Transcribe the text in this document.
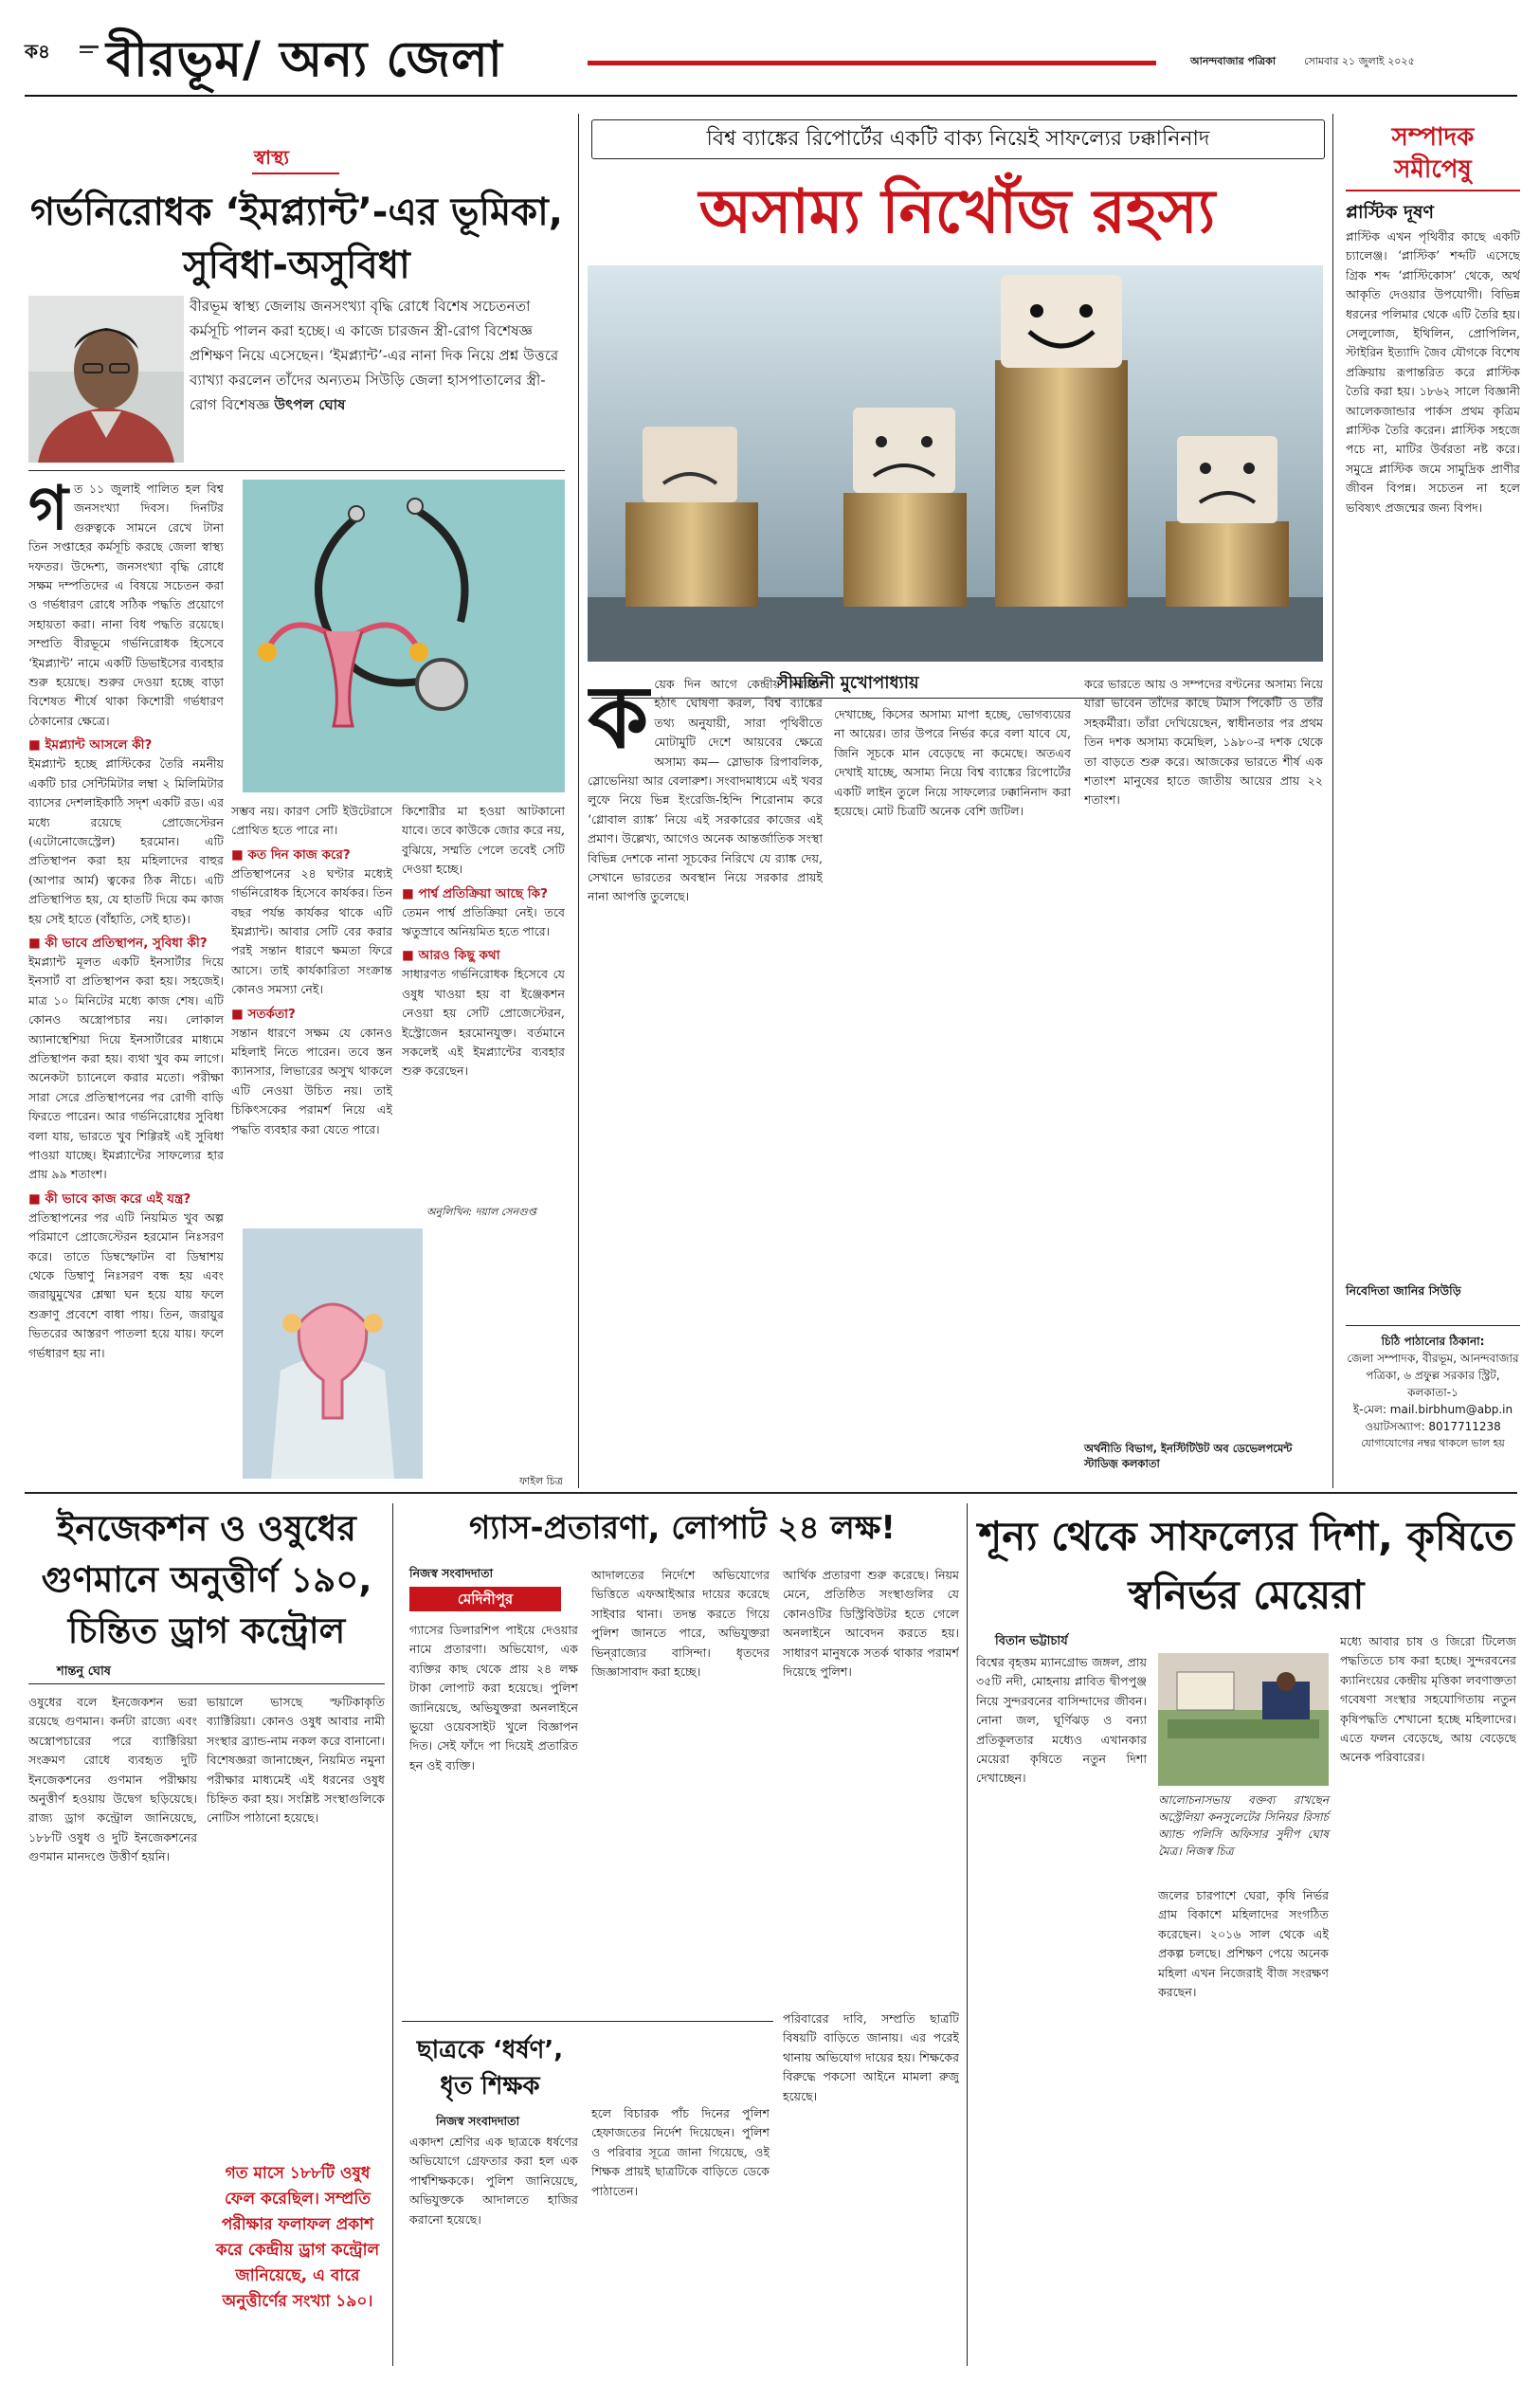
ক৪ বীরভূম/ অন্য জেলা	আনন্দবাজার পত্রিকা	সোমবার ২১ জুলাই ২০২৫
স্বাস্থ্য
গর্ভনিরোধক ‘ইমপ্ল্যান্ট’-এর ভূমিকা, সুবিধা-অসুবিধা
বীরভূম স্বাস্থ্য জেলায় জনসংখ্যা বৃদ্ধি রোধে বিশেষ সচেতনতা কর্মসূচি পালন করা হচ্ছে। এ কাজে চারজন স্ত্রী-রোগ বিশেষজ্ঞ প্রশিক্ষণ নিয়ে এসেছেন। ‘ইমপ্ল্যান্ট’-এর নানা দিক নিয়ে প্রশ্ন উত্তরে ব্যাখ্যা করলেন তাঁদের অন্যতম সিউড়ি জেলা হাসপাতালের স্ত্রী-রোগ বিশেষজ্ঞ উৎপল ঘোষ
ফাইল চিত্র
গ ত ১১ জুলাই পালিত হল বিশ্ব জনসংখ্যা দিবস। দিনটির গুরুত্বকে সামনে রেখে টানা তিন সপ্তাহের কর্মসূচি করছে জেলা স্বাস্থ্য দফতর। উদ্দেশ্য, জনসংখ্যা বৃদ্ধি রোধে সক্ষম দম্পতিদের এ বিষয়ে সচেতন করা ও গর্ভধারণ রোধে সঠিক পদ্ধতি প্রয়োগে সহায়তা করা। নানা বিধ পদ্ধতি রয়েছে। সম্প্রতি বীরভূমে গর্ভনিরোধক হিসেবে ‘ইমপ্ল্যান্ট’ নামে একটি ডিভাইসের ব্যবহার শুরু হয়েছে। শুরুর দেওয়া হচ্ছে বাড়া বিশেষত শীর্ষে থাকা কিশোরী গর্ভধারণ ঠেকানোর ক্ষেত্রে।

■ ইমপ্ল্যান্ট আসলে কী?

ইমপ্ল্যান্ট হচ্ছে প্লাস্টিকের তৈরি নমনীয় একটি চার সেন্টিমিটার লম্বা ২ মিলিমিটার ব্যাসের দেশলাইকাঠি সদৃশ একটি রড। এর মধ্যে রয়েছে প্রোজেস্টেরন (এটোনোজেস্ট্রেল) হরমোন। এটি প্রতিস্থাপন করা হয় মহিলাদের বাহুর (আপার আর্ম) ত্বকের ঠিক নীচে। এটি প্রতিস্থাপিত হয়, যে হাতটি দিয়ে কম কাজ হয় সেই হাতে (বাঁহাতি, সেই হাত)।

■ কী ভাবে প্রতিস্থাপন, সুবিধা কী?

ইমপ্ল্যান্ট মূলত একটি ইনসার্টার দিয়ে ইনসার্ট বা প্রতিস্থাপন করা হয়। সহজেই। মাত্র ১০ মিনিটের মধ্যে কাজ শেষ। এটি কোনও অস্ত্রোপচার নয়। লোকাল অ্যানাস্থেশিয়া দিয়ে ইনসার্টারের মাধ্যমে প্রতিস্থাপন করা হয়। ব্যথা খুব কম লাগে। অনেকটা চ্যানেলে করার মতো। পরীক্ষা সারা সেরে প্রতিস্থাপনের পর রোগী বাড়ি ফিরতে পারেন। আর গর্ভনিরোধের সুবিধা বলা যায়, ভারতে খুব শিগ্গিরই এই সুবিধা পাওয়া যাচ্ছে। ইমপ্ল্যান্টের সাফল্যের হার প্রায় ৯৯ শতাংশ।

■ কী ভাবে কাজ করে এই যন্ত্র?

প্রতিস্থাপনের পর এটি নিয়মিত খুব অল্প পরিমাণে প্রোজেস্টেরন হরমোন নিঃসরণ করে। তাতে ডিম্বস্ফোটন বা ডিম্বাশয় থেকে ডিম্বাণু নিঃসরণ বন্ধ হয় এবং জরায়ুমুখের শ্লেষ্মা ঘন হয়ে যায় ফলে শুক্রাণু প্রবেশে বাধা পায়। তিন, জরায়ুর ভিতরের আস্তরণ পাতলা হয়ে যায়। ফলে গর্ভধারণ হয় না।

সম্ভব নয়। কারণ সেটি ইউটেরাসে প্রোথিত হতে পারে না।

■ কত দিন কাজ করে?

প্রতিস্থাপনের ২৪ ঘণ্টার মধ্যেই গর্ভনিরোধক হিসেবে কার্যকর। তিন বছর পর্যন্ত কার্যকর থাকে এটি ইমপ্ল্যান্ট। আবার সেটি বের করার পরই সন্তান ধারণে ক্ষমতা ফিরে আসে। তাই কার্যকারিতা সংক্রান্ত কোনও সমস্যা নেই।

■ সতর্কতা?

সন্তান ধারণে সক্ষম যে কোনও মহিলাই নিতে পারেন। তবে স্তন ক্যানসার, লিভারের অসুখ থাকলে এটি নেওয়া উচিত নয়। তাই চিকিৎসকের পরামর্শ নিয়ে এই পদ্ধতি ব্যবহার করা যেতে পারে।

কিশোরীর মা হওয়া আটকানো যাবে। তবে কাউকে জোর করে নয়, বুঝিয়ে, সম্মতি পেলে তবেই সেটি দেওয়া হচ্ছে।

■ পার্শ্ব প্রতিক্রিয়া আছে কি?

তেমন পার্শ্ব প্রতিক্রিয়া নেই। তবে ঋতুস্রাবে অনিয়মিত হতে পারে।

■ আরও কিছু কথা

সাধারণত গর্ভনিরোধক হিসেবে যে ওষুধ খাওয়া হয় বা ইঞ্জেকশন নেওয়া হয় সেটি প্রোজেস্টেরন, ইস্ট্রোজেন হরমোনযুক্ত। বর্তমানে সকলেই এই ইমপ্ল্যান্টের ব্যবহার শুরু করেছেন।

অনুলিখিন: দয়াল সেনগুপ্ত
বিশ্ব ব্যাঙ্কের রিপোর্টের একটি বাক্য নিয়েই সাফল্যের ঢক্কানিনাদ
অসাম্য নিখোঁজ রহস্য
সীমন্তিনী মুখোপাধ্যায়
ক য়েক দিন আগে কেন্দ্রীয় সরকার হঠাৎ ঘোষণা করল, বিশ্ব ব্যাঙ্কের তথ্য অনুযায়ী, সারা পৃথিবীতে মোটামুটি দেশে আয়বের ক্ষেত্রে অসাম্য কম— স্লোভাক রিপাবলিক, স্লোভেনিয়া আর বেলারুশ। সংবাদমাধ্যমে এই খবর লুফে নিয়ে ভিন্ন ইংরেজি-হিন্দি শিরোনাম করে ‘গ্লোবাল র‍্যাঙ্ক’ নিয়ে এই সরকারের কাজের এই প্রমাণ। উল্লেখ্য, আগেও অনেক আন্তর্জাতিক সংস্থা বিভিন্ন দেশকে নানা সূচকের নিরিখে যে র‍্যাঙ্ক দেয়, সেখানে ভারতের অবস্থান নিয়ে সরকার প্রায়ই নানা আপত্তি তুলেছে।

দেখাচ্ছে, কিসের অসাম্য মাপা হচ্ছে, ভোগব্যয়ের না আয়ের। তার উপরে নির্ভর করে বলা যাবে যে, জিনি সূচকে মান বেড়েছে না কমেছে। অতএব দেখাই যাচ্ছে, অসাম্য নিয়ে বিশ্ব ব্যাঙ্কের রিপোর্টের একটি লাইন তুলে নিয়ে সাফল্যের ঢক্কানিনাদ করা হয়েছে। মোট চিত্রটি অনেক বেশি জটিল।

করে ভারতে আয় ও সম্পদের বণ্টনের অসাম্য নিয়ে যারা ভাবেন তাঁদের কাছে টমাস পিকেটি ও তাঁর সহকর্মীরা। তাঁরা দেখিয়েছেন, স্বাধীনতার পর প্রথম তিন দশক অসাম্য কমেছিল, ১৯৮০-র দশক থেকে তা বাড়তে শুরু করে। আজকের ভারতে শীর্ষ এক শতাংশ মানুষের হাতে জাতীয় আয়ের প্রায় ২২ শতাংশ।

অর্থনীতি বিভাগ, ইনস্টিটিউট অব ডেভেলপমেন্ট স্টাডিজ় কলকাতা
সম্পাদক
সমীপেষু
প্লাস্টিক দূষণ

প্লাস্টিক এখন পৃথিবীর কাছে একটি চ্যালেঞ্জ। ‘প্লাস্টিক’ শব্দটি এসেছে গ্রিক শব্দ ‘প্লাস্টিকোস’ থেকে, অর্থ আকৃতি দেওয়ার উপযোগী। বিভিন্ন ধরনের পলিমার থেকে এটি তৈরি হয়। সেলুলোজ, ইথিলিন, প্রোপিলিন, স্টাইরিন ইত্যাদি জৈব যৌগকে বিশেষ প্রক্রিয়ায় রূপান্তরিত করে প্লাস্টিক তৈরি করা হয়। ১৮৬২ সালে বিজ্ঞানী আলেকজান্ডার পার্কস প্রথম কৃত্রিম প্লাস্টিক তৈরি করেন। প্লাস্টিক সহজে পচে না, মাটির উর্বরতা নষ্ট করে। সমুদ্রে প্লাস্টিক জমে সামুদ্রিক প্রাণীর জীবন বিপন্ন। সচেতন না হলে ভবিষ্যৎ প্রজন্মের জন্য বিপদ।

নিবেদিতা জানির সিউড়ি
চিঠি পাঠানোর ঠিকানা:
জেলা সম্পাদক, বীরভূম, আনন্দবাজার পত্রিকা, ৬ প্রফুল্ল সরকার স্ট্রিট, কলকাতা-১
ই-মেল: mail.birbhum@abp.in
ওয়াটসঅ্যাপ: 8017711238
যোগাযোগের নম্বর থাকলে ভাল হয়
ইনজেকশন ও ওষুধের গুণমানে অনুত্তীর্ণ ১৯০, চিন্তিত ড্রাগ কন্ট্রোল
শান্তনু ঘোষ

ওষুধের বলে ইনজেকশন ভরা রয়েছে গুণমান। কর্নটা রাজ্যে এবং অস্ত্রোপচারের পরে ব্যাক্টিরিয়া সংক্রমণ রোধে ব্যবহৃত দুটি ইনজেকশনের গুণমান পরীক্ষায় অনুত্তীর্ণ হওয়ায় উদ্বেগ ছড়িয়েছে। রাজ্য ড্রাগ কন্ট্রোল জানিয়েছে, ১৮৮টি ওষুধ ও দুটি ইনজেকশনের গুণমান মানদণ্ডে উত্তীর্ণ হয়নি।

ভায়ালে ভাসছে স্ফটিকাকৃতি ব্যাক্টিরিয়া। কোনও ওষুধ আবার নামী সংস্থার ব্র্যান্ড-নাম নকল করে বানানো। বিশেষজ্ঞরা জানাচ্ছেন, নিয়মিত নমুনা পরীক্ষার মাধ্যমেই এই ধরনের ওষুধ চিহ্নিত করা হয়। সংশ্লিষ্ট সংস্থাগুলিকে নোটিস পাঠানো হয়েছে।

গত মাসে ১৮৮টি ওষুধ ফেল করেছিল। সম্প্রতি পরীক্ষার ফলাফল প্রকাশ করে কেন্দ্রীয় ড্রাগ কন্ট্রোল জানিয়েছে, এ বারে অনুত্তীর্ণের সংখ্যা ১৯০।
গ্যাস-প্রতারণা, লোপাট ২৪ লক্ষ!
নিজস্ব সংবাদদাতা
মেদিনীপুর

গ্যাসের ডিলারশিপ পাইয়ে দেওয়ার নামে প্রতারণা। অভিযোগ, এক ব্যক্তির কাছ থেকে প্রায় ২৪ লক্ষ টাকা লোপাট করা হয়েছে। পুলিশ জানিয়েছে, অভিযুক্তরা অনলাইনে ভুয়ো ওয়েবসাইট খুলে বিজ্ঞাপন দিত। সেই ফাঁদে পা দিয়েই প্রতারিত হন ওই ব্যক্তি।

আদালতের নির্দেশে অভিযোগের ভিত্তিতে এফআইআর দায়ের করেছে সাইবার থানা। তদন্ত করতে গিয়ে পুলিশ জানতে পারে, অভিযুক্তরা ভিন্‌রাজ্যের বাসিন্দা। ধৃতদের জিজ্ঞাসাবাদ করা হচ্ছে।

আর্থিক প্রতারণা শুরু করেছে। নিয়ম মেনে, প্রতিষ্ঠিত সংস্থাগুলির যে কোনওটির ডিস্ট্রিবিউটর হতে গেলে অনলাইনে আবেদন করতে হয়। সাধারণ মানুষকে সতর্ক থাকার পরামর্শ দিয়েছে পুলিশ।

ছাত্রকে ‘ধর্ষণ’, ধৃত শিক্ষক
নিজস্ব সংবাদদাতা

একাদশ শ্রেণির এক ছাত্রকে ধর্ষণের অভিযোগে গ্রেফতার করা হল এক পার্শ্বশিক্ষককে। পুলিশ জানিয়েছে, অভিযুক্তকে আদালতে হাজির করানো হয়েছে।

হলে বিচারক পাঁচ দিনের পুলিশ হেফাজতের নির্দেশ দিয়েছেন। পুলিশ ও পরিবার সূত্রে জানা গিয়েছে, ওই শিক্ষক প্রায়ই ছাত্রটিকে বাড়িতে ডেকে পাঠাতেন।

পরিবারের দাবি, সম্প্রতি ছাত্রটি বিষয়টি বাড়িতে জানায়। এর পরেই থানায় অভিযোগ দায়ের হয়। শিক্ষকের বিরুদ্ধে পকসো আইনে মামলা রুজু হয়েছে।

শূন্য থেকে সাফল্যের দিশা, কৃষিতে স্বনির্ভর মেয়েরা
বিতান ভট্টাচার্য

বিশ্বের বৃহত্তম ম্যানগ্রোভ জঙ্গল, প্রায় ৩৫টি নদী, মোহনায় প্লাবিত দ্বীপপুঞ্জ নিয়ে সুন্দরবনের বাসিন্দাদের জীবন। নোনা জল, ঘূর্ণিঝড় ও বন্যা প্রতিকূলতার মধ্যেও এখানকার মেয়েরা কৃষিতে নতুন দিশা দেখাচ্ছেন।

আলোচনাসভায় বক্তব্য রাখছেন অস্ট্রেলিয়া কনসুলেটের সিনিয়র রিসার্চ অ্যান্ড পলিসি অফিসার সুদীপ ঘোষ মৈত্র। নিজস্ব চিত্র

মধ্যে আবার চাষ ও জিরো টিলেজ পদ্ধতিতে চাষ করা হচ্ছে। সুন্দরবনের ক্যানিংয়ের কেন্দ্রীয় মৃত্তিকা লবণাক্ততা গবেষণা সংস্থার সহযোগিতায় নতুন কৃষিপদ্ধতি শেখানো হচ্ছে মহিলাদের। এতে ফলন বেড়েছে, আয় বেড়েছে অনেক পরিবারের।

জলের চারপাশে ঘেরা, কৃষি নির্ভর গ্রাম বিকাশে মহিলাদের সংগঠিত করেছেন। ২০১৬ সাল থেকে এই প্রকল্প চলছে। প্রশিক্ষণ পেয়ে অনেক মহিলা এখন নিজেরাই বীজ সংরক্ষণ করছেন।
